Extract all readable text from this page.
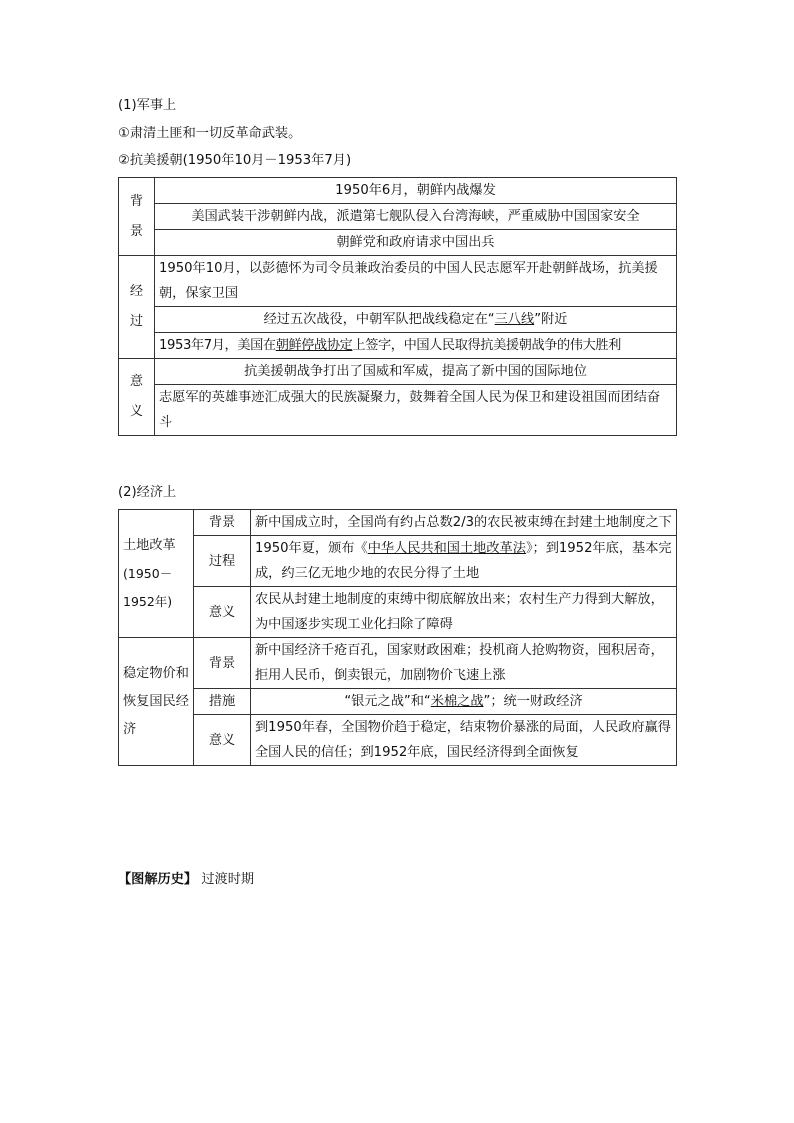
(1)军事上
①肃清土匪和一切反革命武装。
②抗美援朝(1950年10月－1953年7月)
背
景	1950年6月，朝鲜内战爆发
	美国武装干涉朝鲜内战，派遣第七舰队侵入台湾海峡，严重威胁中国国家安全
	朝鲜党和政府请求中国出兵

经
过	1950年10月，以彭德怀为司令员兼政治委员的中国人民志愿军开赴朝鲜战场，抗美援朝，保家卫国
	经过五次战役，中朝军队把战线稳定在“三八线”附近
	1953年7月，美国在朝鲜停战协定上签字，中国人民取得抗美援朝战争的伟大胜利

意
义	抗美援朝战争打出了国威和军威，提高了新中国的国际地位
	志愿军的英雄事迹汇成强大的民族凝聚力，鼓舞着全国人民为保卫和建设祖国而团结奋斗
(2)经济上
土地改革
(1950－1952年)	背景	新中国成立时，全国尚有约占总数2/3的农民被束缚在封建土地制度之下
	过程	1950年夏，颁布《中华人民共和国土地改革法》；到1952年底，基本完成，约三亿无地少地的农民分得了土地
	意义	农民从封建土地制度的束缚中彻底解放出来；农村生产力得到大解放，为中国逐步实现工业化扫除了障碍
稳定物价和恢复国民经济	背景	新中国经济千疮百孔，国家财政困难；投机商人抢购物资，囤积居奇，拒用人民币，倒卖银元，加剧物价飞速上涨
	措施	“银元之战”和“米棉之战”；统一财政经济
	意义	到1950年春，全国物价趋于稳定，结束物价暴涨的局面，人民政府赢得全国人民的信任；到1952年底，国民经济得到全面恢复
【图解历史】 过渡时期
